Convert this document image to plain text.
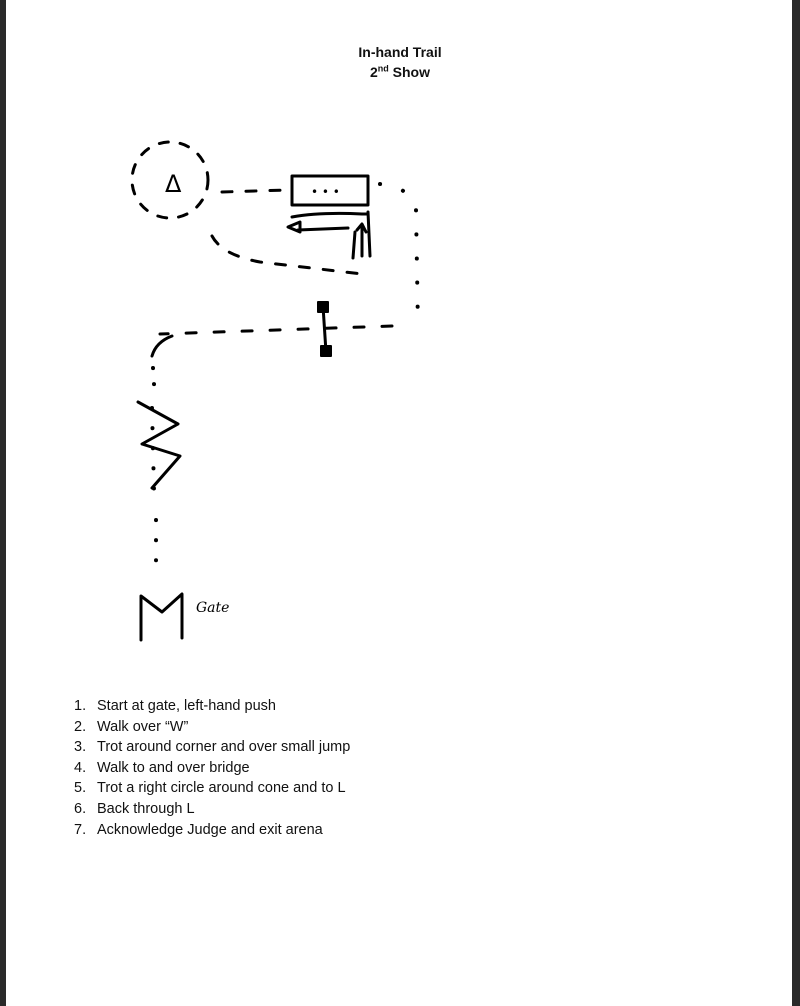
In-hand Trail
2nd Show
Δ	• • •
Gate
1. Start at gate, left-hand push
2. Walk over “W”
3. Trot around corner and over small jump
4. Walk to and over bridge
5. Trot a right circle around cone and to L
6. Back through L
7. Acknowledge Judge and exit arena
